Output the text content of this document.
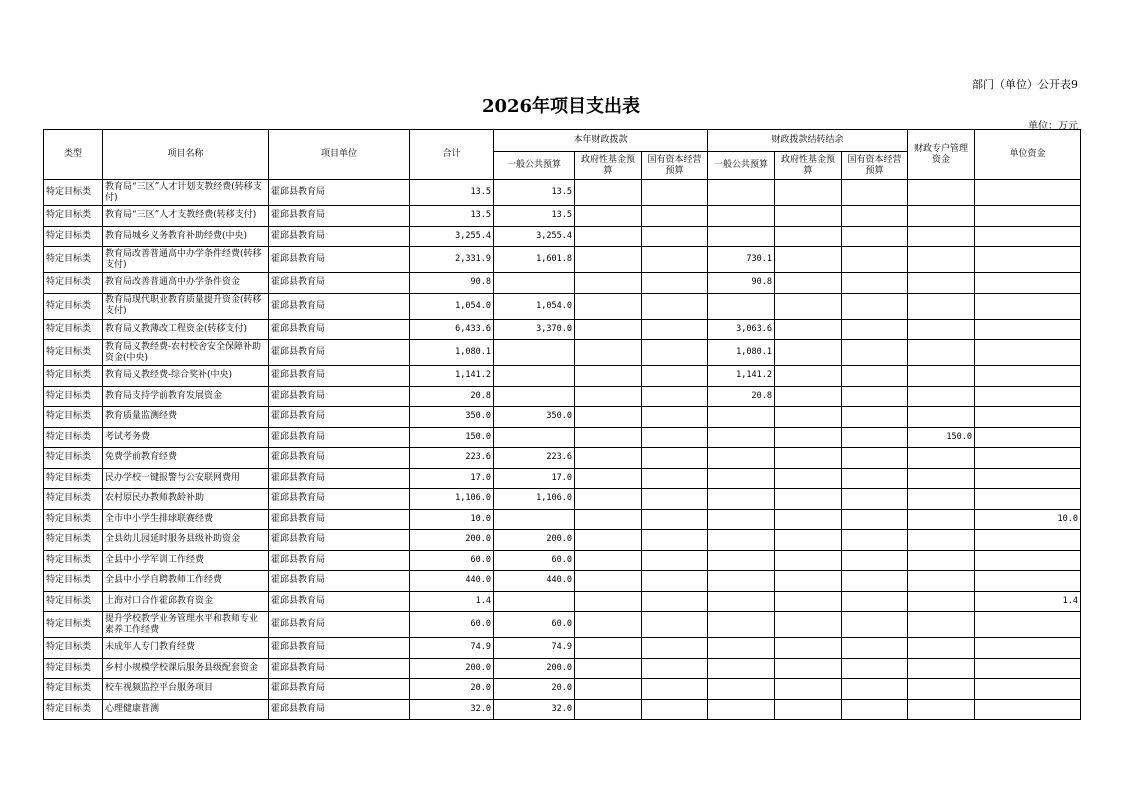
部门（单位）公开表9
2026年项目支出表
单位：万元
类型	项目名称	项目单位	合计	本年财政拨款			财政拨款结转结余			财政专户管理资金	单位资金
				一般公共预算	政府性基金预算	国有资本经营预算	一般公共预算	政府性基金预算	国有资本经营预算		
特定目标类	教育局“三区”人才计划支教经费(转移支付)	霍邱县教育局	13.5	13.5							
特定目标类	教育局“三区”人才支教经费(转移支付)	霍邱县教育局	13.5	13.5							
特定目标类	教育局城乡义务教育补助经费(中央)	霍邱县教育局	3,255.4	3,255.4							
特定目标类	教育局改善普通高中办学条件经费(转移支付)	霍邱县教育局	2,331.9	1,601.8			730.1				
特定目标类	教育局改善普通高中办学条件资金	霍邱县教育局	90.8				90.8				
特定目标类	教育局现代职业教育质量提升资金(转移支付)	霍邱县教育局	1,054.0	1,054.0							
特定目标类	教育局义教薄改工程资金(转移支付)	霍邱县教育局	6,433.6	3,370.0			3,063.6				
特定目标类	教育局义教经费-农村校舍安全保障补助资金(中央)	霍邱县教育局	1,080.1				1,080.1				
特定目标类	教育局义教经费-综合奖补(中央)	霍邱县教育局	1,141.2				1,141.2				
特定目标类	教育局支持学前教育发展资金	霍邱县教育局	20.8				20.8				
特定目标类	教育质量监测经费	霍邱县教育局	350.0	350.0							
特定目标类	考试考务费	霍邱县教育局	150.0							150.0	
特定目标类	免费学前教育经费	霍邱县教育局	223.6	223.6							
特定目标类	民办学校一键报警与公安联网费用	霍邱县教育局	17.0	17.0							
特定目标类	农村原民办教师教龄补助	霍邱县教育局	1,106.0	1,106.0							
特定目标类	全市中小学生排球联赛经费	霍邱县教育局	10.0								10.0
特定目标类	全县幼儿园延时服务县级补助资金	霍邱县教育局	200.0	200.0							
特定目标类	全县中小学军训工作经费	霍邱县教育局	60.0	60.0							
特定目标类	全县中小学自聘教师工作经费	霍邱县教育局	440.0	440.0							
特定目标类	上海对口合作霍邱教育资金	霍邱县教育局	1.4								1.4
特定目标类	提升学校教学业务管理水平和教师专业素养工作经费	霍邱县教育局	60.0	60.0							
特定目标类	未成年人专门教育经费	霍邱县教育局	74.9	74.9							
特定目标类	乡村小规模学校课后服务县级配套资金	霍邱县教育局	200.0	200.0							
特定目标类	校车视频监控平台服务项目	霍邱县教育局	20.0	20.0							
特定目标类	心理健康普测	霍邱县教育局	32.0	32.0							
